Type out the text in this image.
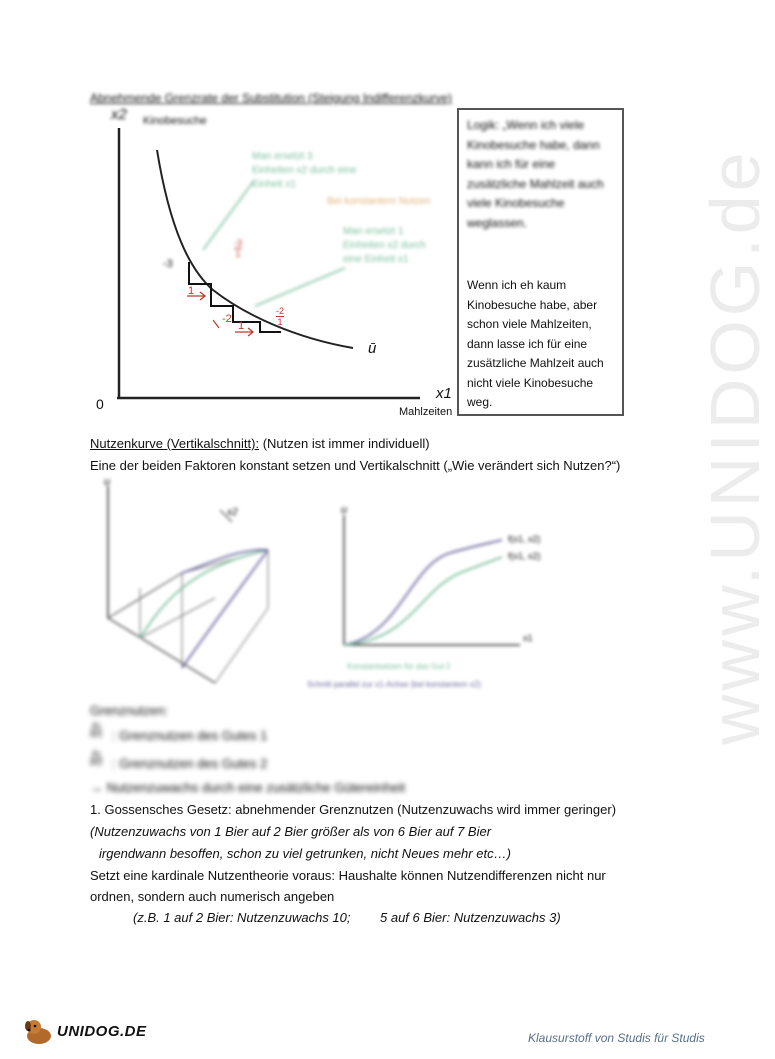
www.UNIDOG.de
Abnehmende Grenzrate der Substitution (Steigung Indifferenzkurve)
x2 Kinobesuche
0
x1
Mahlzeiten
ū
Man ersetzt 3
Einheiten x2 durch eine
Einheit x1
Bei konstantem Nutzen
Man ersetzt 1
Einheiten x2 durch
eine Einheit x1
-3
1
-2
1
-3
1
-2
1
Logik: „Wenn ich viele
Kinobesuche habe, dann
kann ich für eine
zusätzliche Mahlzeit auch
viele Kinobesuche
weglassen.
Wenn ich eh kaum
Kinobesuche habe, aber
schon viele Mahlzeiten,
dann lasse ich für eine
zusätzliche Mahlzeit auch
nicht viele Kinobesuche
weg.
Nutzenkurve (Vertikalschnitt): (Nutzen ist immer individuell)
Eine der beiden Faktoren konstant setzen und Vertikalschnitt („Wie verändert sich Nutzen?“)
u
x2	u
x1
f(x1, x2)
f(x1, x2)
Konstantsetzen für das Gut 2
Schnitt parallel zur x1-Achse (bei konstantem x2)
Grenznutzen:
∂u
∂x1 : Grenznutzen des Gutes 1
∂u
∂x2 : Grenznutzen des Gutes 2
→ Nutzenzuwachs durch eine zusätzliche Gütereinheit
1. Gossensches Gesetz: abnehmender Grenznutzen (Nutzenzuwachs wird immer geringer)
(Nutzenzuwachs von 1 Bier auf 2 Bier größer als von 6 Bier auf 7 Bier
irgendwann besoffen, schon zu viel getrunken, nicht Neues mehr etc…)
Setzt eine kardinale Nutzentheorie voraus: Haushalte können Nutzendifferenzen nicht nur
ordnen, sondern auch numerisch angeben
(z.B. 1 auf 2 Bier: Nutzenzuwachs 10; 5 auf 6 Bier: Nutzenzuwachs 3)
UNIDOG.DE	Klausurstoff von Studis für Studis
